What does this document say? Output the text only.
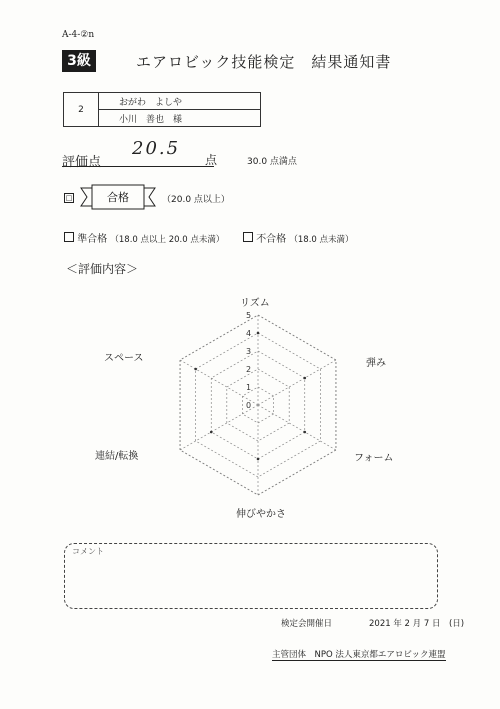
A-4-②n
3級	エアロビック技能検定　結果通知書
2	おがわ　よしや
小川　善也　様
評価点
20.5
点	30.0 点満点
□	合格	（20.0 点以上）
準合格 （18.0 点以上 20.0 点未満）	不合格 （18.0 点未満）
＜評価内容＞
リズム
弾み
フォーム
伸びやかさ
連結/転換
スペース
5
4
3
2
1
0
コメント
検定会開催日	2021 年 2 月 7 日　(日)
主管団体　NPO 法人東京都エアロビック連盟
